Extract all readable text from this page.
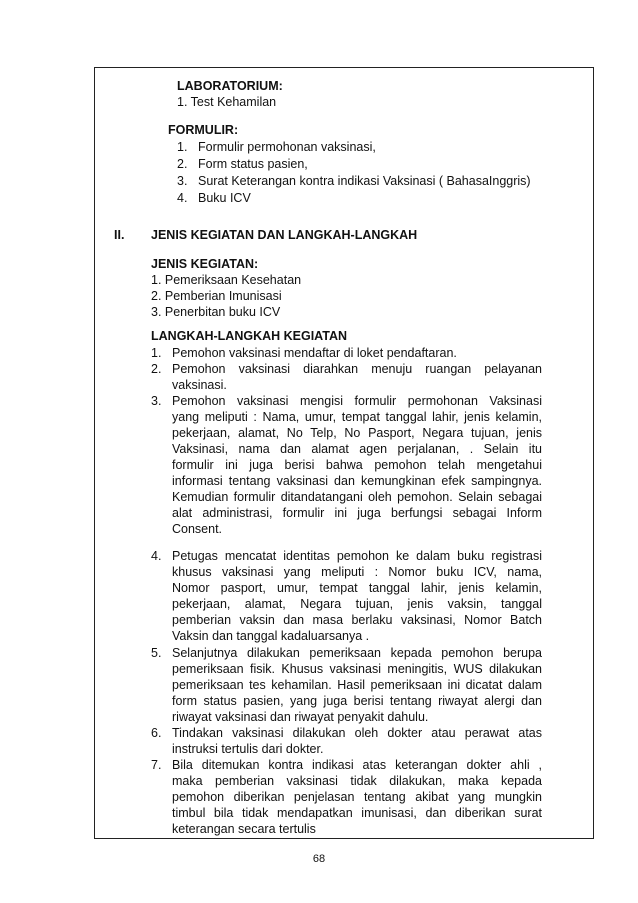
LABORATORIUM:
1. Test Kehamilan
FORMULIR:
1. Formulir permohonan vaksinasi,
2. Form status pasien,
3. Surat Keterangan kontra indikasi Vaksinasi ( BahasaInggris)
4. Buku ICV
II. JENIS KEGIATAN DAN LANGKAH-LANGKAH
JENIS KEGIATAN:
1. Pemeriksaan Kesehatan
2. Pemberian Imunisasi
3. Penerbitan buku ICV
LANGKAH-LANGKAH KEGIATAN
1. Pemohon vaksinasi mendaftar di loket pendaftaran.
2. Pemohon vaksinasi diarahkan menuju ruangan pelayanan
vaksinasi.
3. Pemohon vaksinasi mengisi formulir permohonan Vaksinasi
yang meliputi : Nama, umur, tempat tanggal lahir, jenis kelamin,
pekerjaan, alamat, No Telp, No Pasport, Negara tujuan, jenis
Vaksinasi, nama dan alamat agen perjalanan, . Selain itu
formulir ini juga berisi bahwa pemohon telah mengetahui
informasi tentang vaksinasi dan kemungkinan efek sampingnya.
Kemudian formulir ditandatangani oleh pemohon. Selain sebagai
alat administrasi, formulir ini juga berfungsi sebagai Inform
Consent.
4. Petugas mencatat identitas pemohon ke dalam buku registrasi
khusus vaksinasi yang meliputi : Nomor buku ICV, nama,
Nomor pasport, umur, tempat tanggal lahir, jenis kelamin,
pekerjaan, alamat, Negara tujuan, jenis vaksin, tanggal
pemberian vaksin dan masa berlaku vaksinasi, Nomor Batch
Vaksin dan tanggal kadaluarsanya .
5. Selanjutnya dilakukan pemeriksaan kepada pemohon berupa
pemeriksaan fisik. Khusus vaksinasi meningitis, WUS dilakukan
pemeriksaan tes kehamilan. Hasil pemeriksaan ini dicatat dalam
form status pasien, yang juga berisi tentang riwayat alergi dan
riwayat vaksinasi dan riwayat penyakit dahulu.
6. Tindakan vaksinasi dilakukan oleh dokter atau perawat atas
instruksi tertulis dari dokter.
7. Bila ditemukan kontra indikasi atas keterangan dokter ahli ,
maka pemberian vaksinasi tidak dilakukan, maka kepada
pemohon diberikan penjelasan tentang akibat yang mungkin
timbul bila tidak mendapatkan imunisasi, dan diberikan surat
keterangan secara tertulis
68
